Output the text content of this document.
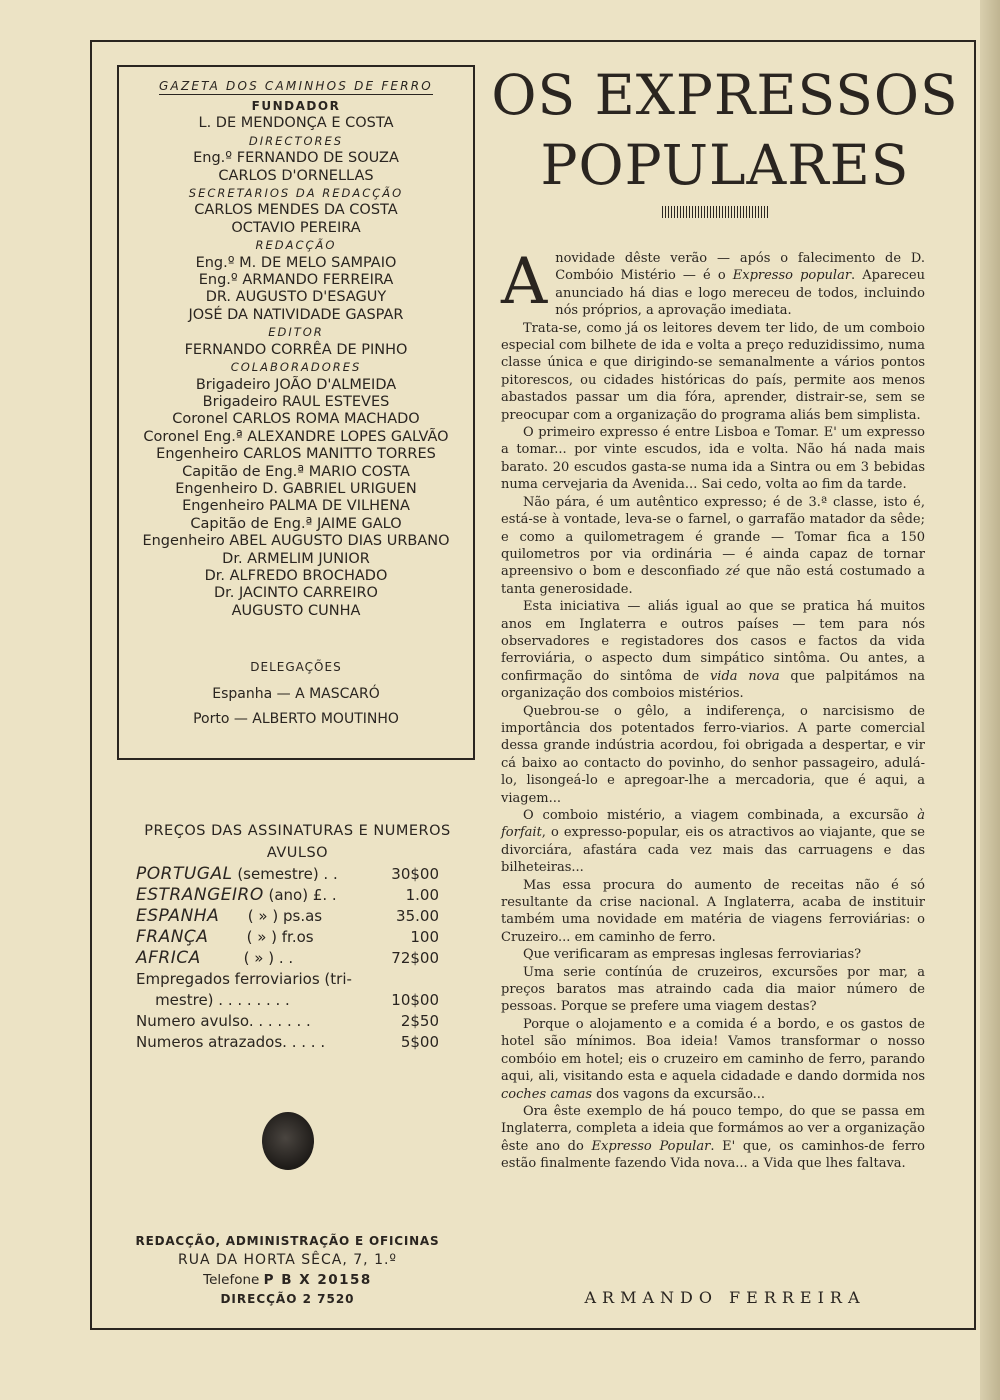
GAZETA DOS CAMINHOS DE FERRO
FUNDADOR
L. DE MENDONÇA E COSTA
DIRECTORES
Eng.º FERNANDO DE SOUZA
CARLOS D'ORNELLAS
SECRETARIOS DA REDACÇÃO
CARLOS MENDES DA COSTA
OCTAVIO PEREIRA
REDACÇÃO
Eng.º M. DE MELO SAMPAIO
Eng.º ARMANDO FERREIRA
DR. AUGUSTO D'ESAGUY
JOSÉ DA NATIVIDADE GASPAR
EDITOR
FERNANDO CORRÊA DE PINHO
COLABORADORES
Brigadeiro JOÃO D'ALMEIDA
Brigadeiro RAUL ESTEVES
Coronel CARLOS ROMA MACHADO
Coronel Eng.ª ALEXANDRE LOPES GALVÃO
Engenheiro CARLOS MANITTO TORRES
Capitão de Eng.ª MARIO COSTA
Engenheiro D. GABRIEL URIGUEN
Engenheiro PALMA DE VILHENA
Capitão de Eng.ª JAIME GALO
Engenheiro ABEL AUGUSTO DIAS URBANO
Dr. ARMELIM JUNIOR
Dr. ALFREDO BROCHADO
Dr. JACINTO CARREIRO
AUGUSTO CUNHA
DELEGAÇÕES
Espanha — A MASCARÓ
Porto — ALBERTO MOUTINHO
PREÇOS DAS ASSINATURAS E NUMEROS
AVULSO
PORTUGAL (semestre) . .	30$00
ESTRANGEIRO (ano) £. .	1.00
ESPANHA      ( » ) ps.as	35.00
FRANÇA        ( » ) fr.os	100
AFRICA         ( » ) . .	72$00
Empregados ferroviarios (tri-
mestre) . . . . . . . .	10$00
Numero avulso. . . . . . .	2$50
Numeros atrazados. . . . .	5$00
REDACÇÃO, ADMINISTRAÇÃO E OFICINAS
RUA DA HORTA SÊCA, 7, 1.º
Telefone P B X 20158
DIRECÇÃO 2 7520
OS EXPRESSOS
POPULARES

Anovidade dêste verão — após o falecimento de D. Combóio Mistério — é o Expresso popular. Apareceu anunciado há dias e logo mereceu de todos, incluindo nós próprios, a aprovação imediata.

Trata-se, como já os leitores devem ter lido, de um comboio especial com bilhete de ida e volta a preço reduzidissimo, numa classe única e que dirigindo-se semanalmente a vários pontos pitorescos, ou cidades históricas do país, permite aos menos abastados passar um dia fóra, aprender, distrair-se, sem se preocupar com a organização do programa aliás bem simplista.

O primeiro expresso é entre Lisboa e Tomar. E' um expresso a tomar... por vinte escudos, ida e volta. Não há nada mais barato. 20 escudos gasta-se numa ida a Sintra ou em 3 bebidas numa cervejaria da Avenida... Sai cedo, volta ao fim da tarde.

Não pára, é um autêntico expresso; é de 3.ª classe, isto é, está-se à vontade, leva-se o farnel, o garrafão matador da sêde; e como a quilometragem é grande — Tomar fica a 150 quilometros por via ordinária — é ainda capaz de tornar apreensivo o bom e desconfiado zé que não está costumado a tanta generosidade.

Esta iniciativa — aliás igual ao que se pratica há muitos anos em Inglaterra e outros países — tem para nós observadores e registadores dos casos e factos da vida ferroviária, o aspecto dum simpático sintôma. Ou antes, a confirmação do sintôma de vida nova que palpitámos na organização dos comboios mistérios.

Quebrou-se o gêlo, a indiferença, o narcisismo de importância dos potentados ferro-viarios. A parte comercial dessa grande indústria acordou, foi obrigada a despertar, e vir cá baixo ao contacto do povinho, do senhor passageiro, adulá-lo, lisongeá-lo e apregoar-lhe a mercadoria, que é aqui, a viagem...

O comboio mistério, a viagem combinada, a excursão à forfait, o expresso-popular, eis os atractivos ao viajante, que se divorciára, afastára cada vez mais das carruagens e das bilheteiras...

Mas essa procura do aumento de receitas não é só resultante da crise nacional. A Inglaterra, acaba de instituir também uma novidade em matéria de viagens ferroviárias: o Cruzeiro... em caminho de ferro.

Que verificaram as empresas inglesas ferroviarias?

Uma serie contínúa de cruzeiros, excursões por mar, a preços baratos mas atraindo cada dia maior número de pessoas. Porque se prefere uma viagem destas?

Porque o alojamento e a comida é a bordo, e os gastos de hotel são mínimos. Boa ideia! Vamos transformar o nosso combóio em hotel; eis o cruzeiro em caminho de ferro, parando aqui, ali, visitando esta e aquela cidadade e dando dormida nos coches camas dos vagons da excursão...

Ora êste exemplo de há pouco tempo, do que se passa em Inglaterra, completa a ideia que formámos ao ver a organização êste ano do Expresso Popular. E' que, os caminhos-de ferro estão finalmente fazendo Vida nova... a Vida que lhes faltava.

ARMANDO FERREIRA
